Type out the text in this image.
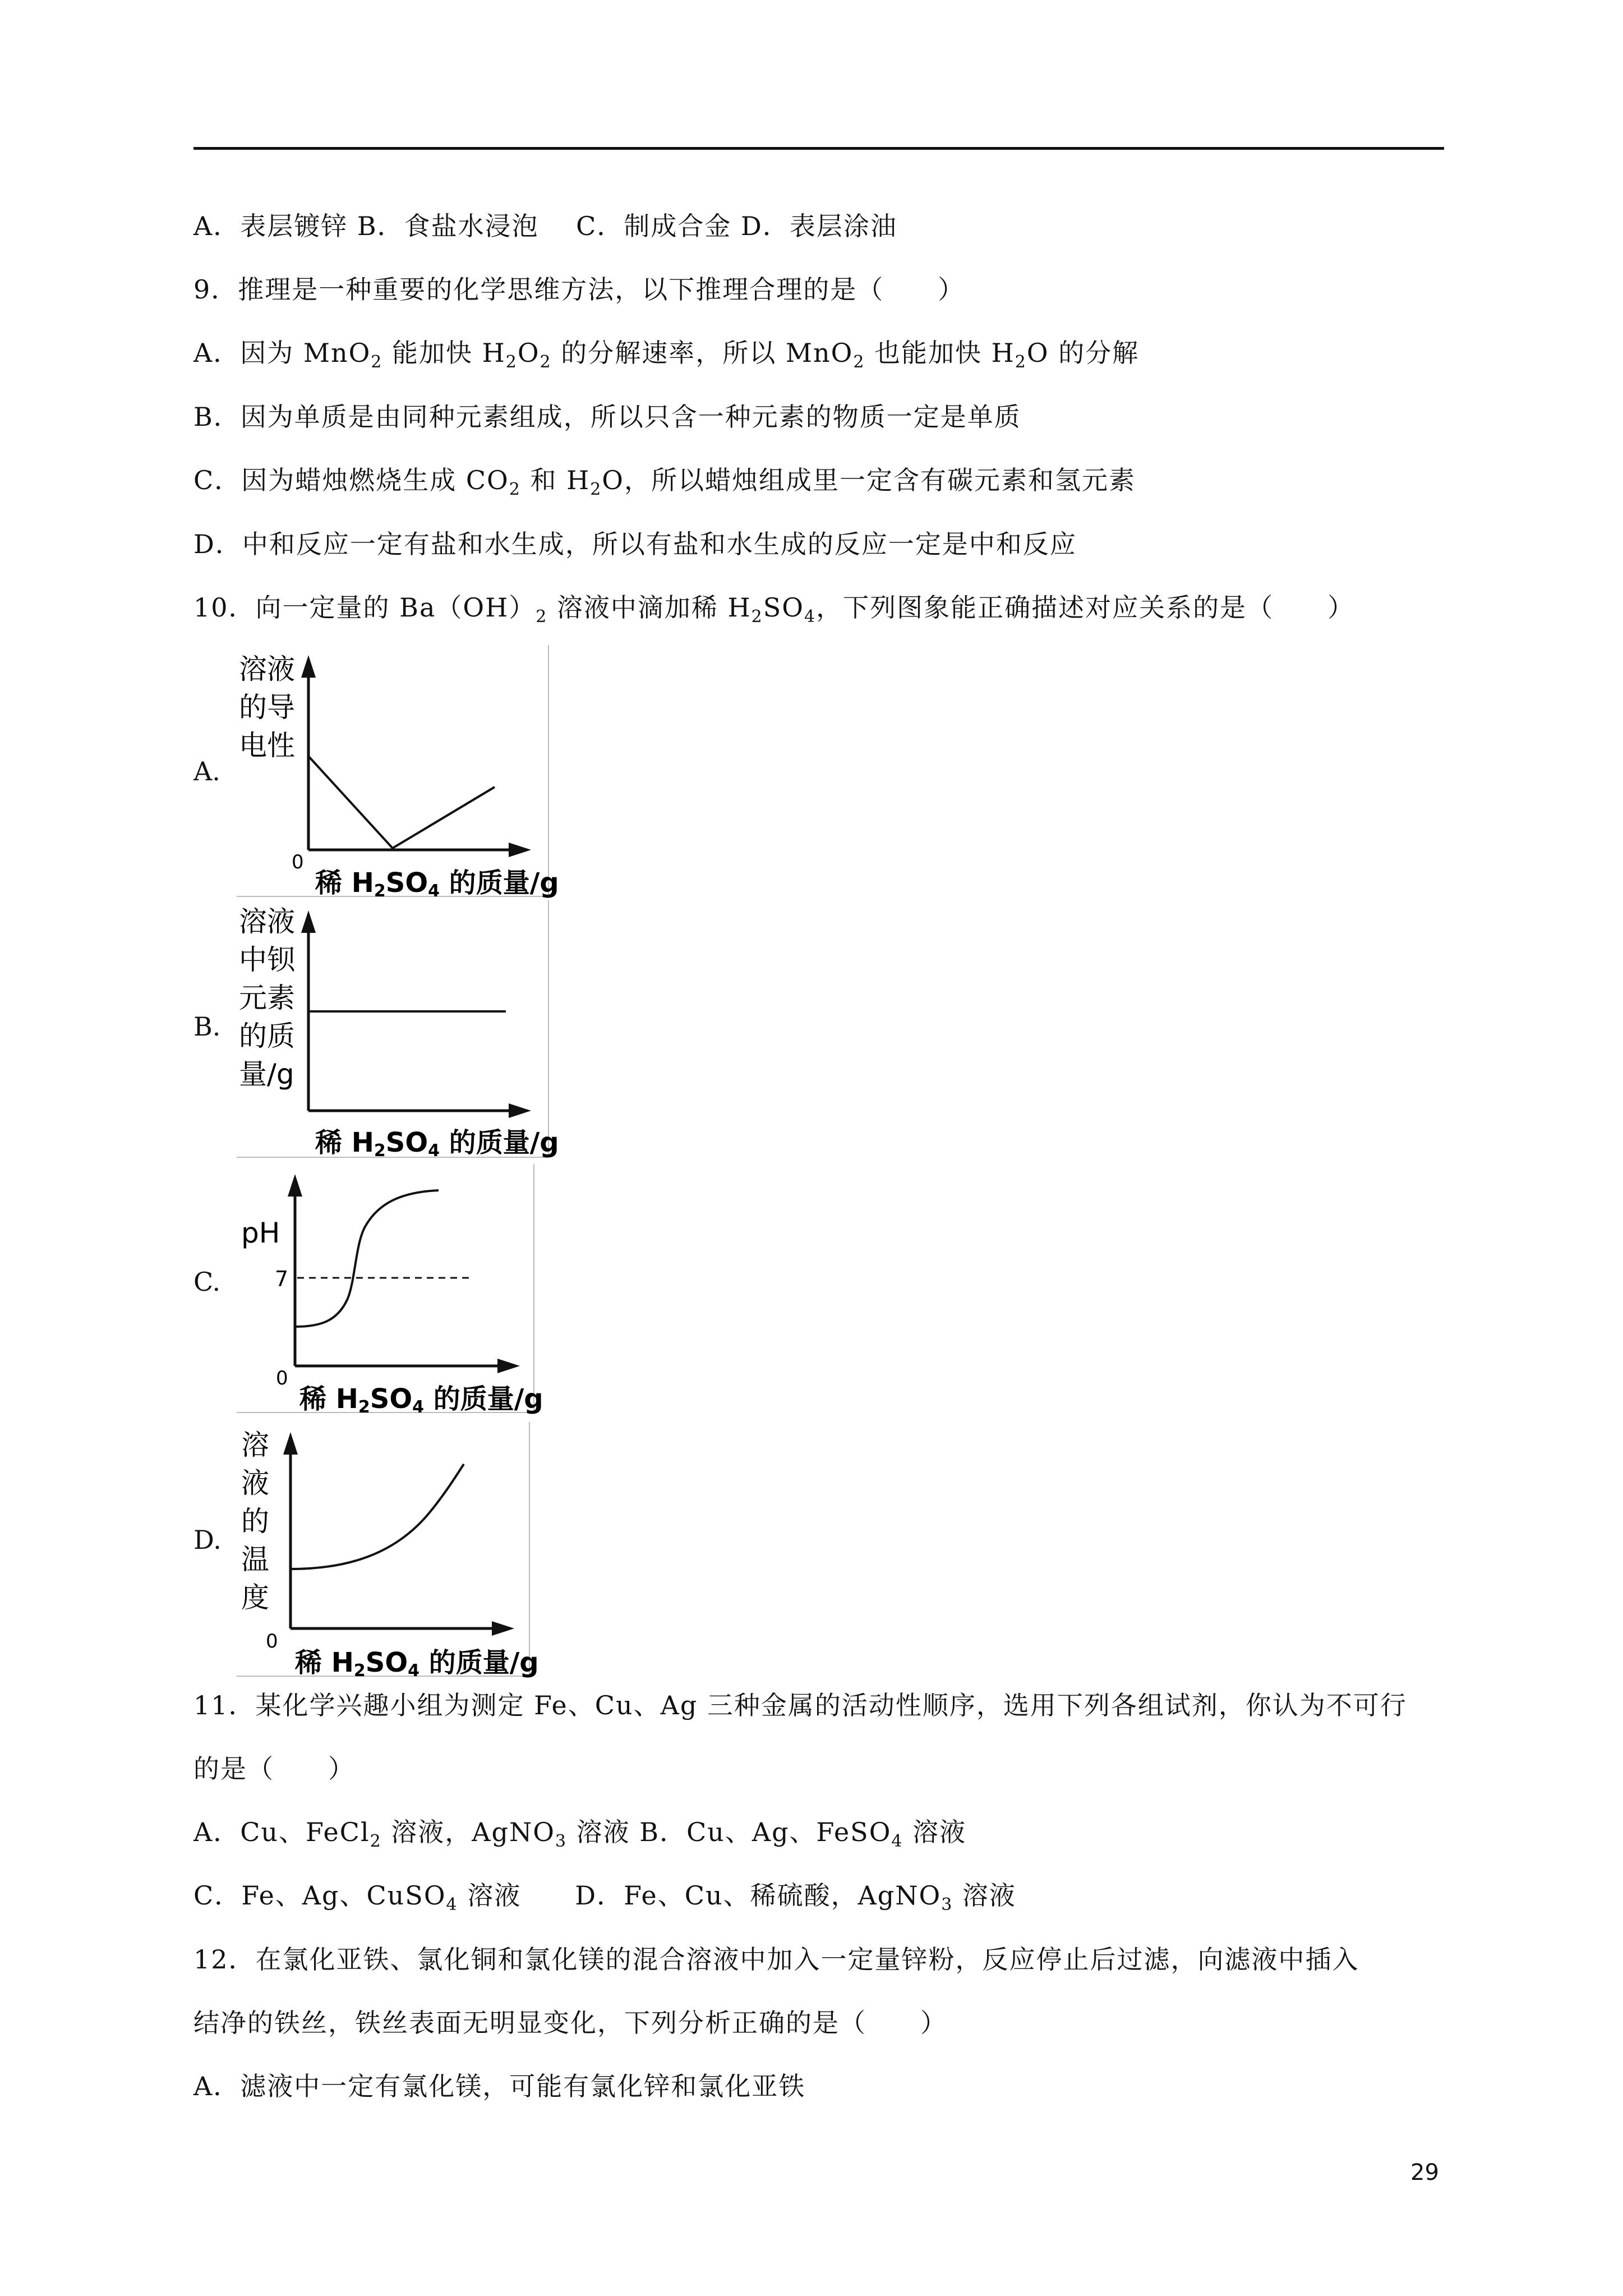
A．表层镀锌 B．食盐水浸泡 C．制成合金 D．表层涂油
9．推理是一种重要的化学思维方法，以下推理合理的是（　　）
A．因为 MnO$_2$ 能加快 $H_2O_2$ 的分解速率，所以 MnO$_2$ 也能加快 $H_2O$ 的分解
B．因为单质是由同种元素组成，所以只含一种元素的物质一定是单质
C．因为蜡烛燃烧生成 $CO_2$ 和 $H_2O$，所以蜡烛组成里一定含有碳元素和氢元素
D．中和反应一定有盐和水生成，所以有盐和水生成的反应一定是中和反应
10．向一定量的 $Ba(OH)_2$ 溶液中滴加稀 $H_2SO_4$，下列图象能正确描述对应关系的是（　　）
A.
溶液
的导
电性
0
稀 H2SO4 的质量/g
B.
溶液
中钡
元素
的质
量/g
稀 H2SO4 的质量/g
C.
pH
7
0
稀 H2SO4 的质量/g
D.
溶
液
的
温
度
0
稀 H2SO4 的质量/g
11．某化学兴趣小组为测定 Fe、Cu、Ag 三种金属的活动性顺序，选用下列各组试剂，你认为不可行
的是（　　）
A．Cu、FeCl$_2$ 溶液，AgNO$_3$ 溶液 B．Cu、Ag、FeSO$_4$ 溶液
C．Fe、Ag、CuSO$_4$ 溶液　　D．Fe、Cu、稀硫酸，AgNO$_3$ 溶液
12．在氯化亚铁、氯化铜和氯化镁的混合溶液中加入一定量锌粉，反应停止后过滤，向滤液中插入
结净的铁丝，铁丝表面无明显变化，下列分析正确的是（　　）
A．滤液中一定有氯化镁，可能有氯化锌和氯化亚铁
29
